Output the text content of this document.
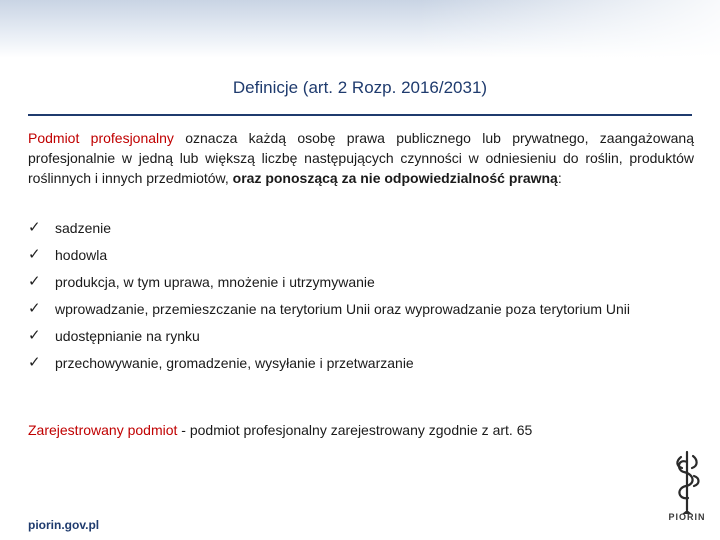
Definicje (art. 2 Rozp. 2016/2031)
Podmiot profesjonalny oznacza każdą osobę prawa publicznego lub prywatnego, zaangażowaną profesjonalnie w jedną lub większą liczbę następujących czynności w odniesieniu do roślin, produktów roślinnych i innych przedmiotów, oraz ponoszącą za nie odpowiedzialność prawną:
✓ sadzenie
✓ hodowla
✓ produkcja, w tym uprawa, mnożenie i utrzymywanie
✓ wprowadzanie, przemieszczanie na terytorium Unii oraz wyprowadzanie poza terytorium Unii
✓ udostępnianie na rynku
✓ przechowywanie, gromadzenie, wysyłanie i przetwarzanie
Zarejestrowany podmiot - podmiot profesjonalny zarejestrowany zgodnie z art. 65
piorin.gov.pl
PIORIN
